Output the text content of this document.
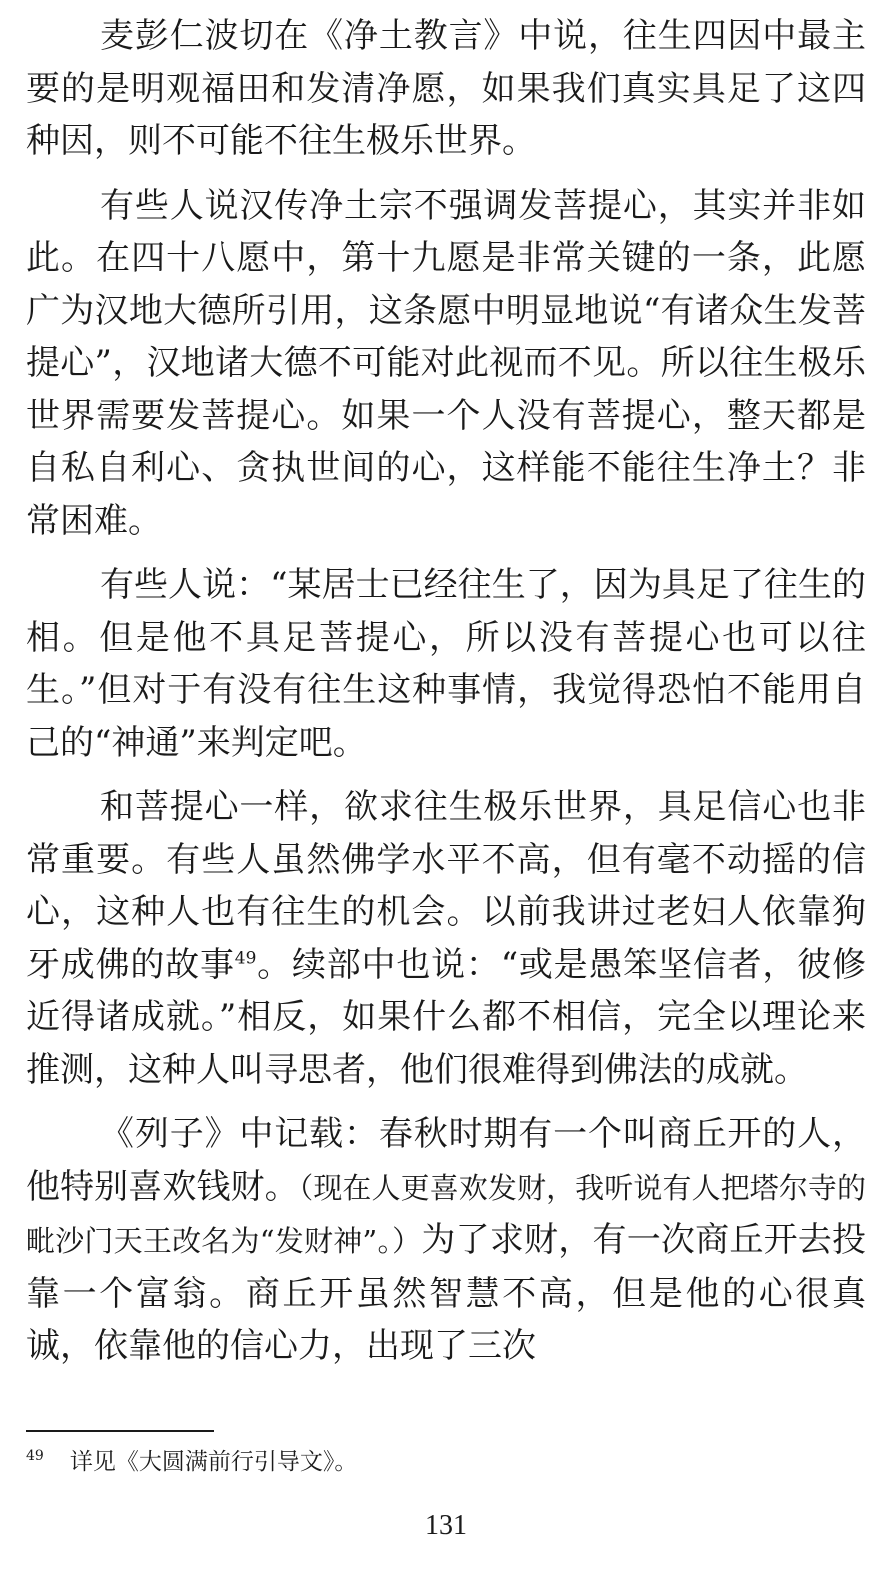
麦彭仁波切在《净土教言》中说，往生四因中最主要的是明观福田和发清净愿，如果我们真实具足了这四种因，则不可能不往生极乐世界。

有些人说汉传净土宗不强调发菩提心，其实并非如此。在四十八愿中，第十九愿是非常关键的一条，此愿广为汉地大德所引用，这条愿中明显地说“有诸众生发菩提心”，汉地诸大德不可能对此视而不见。所以往生极乐世界需要发菩提心。如果一个人没有菩提心，整天都是自私自利心、贪执世间的心，这样能不能往生净土？非常困难。

有些人说：“某居士已经往生了，因为具足了往生的相。但是他不具足菩提心，所以没有菩提心也可以往生。”但对于有没有往生这种事情，我觉得恐怕不能用自己的“神通”来判定吧。

和菩提心一样，欲求往生极乐世界，具足信心也非常重要。有些人虽然佛学水平不高，但有毫不动摇的信心，这种人也有往生的机会。以前我讲过老妇人依靠狗牙成佛的故事$^{49}$。续部中也说：“或是愚笨坚信者，彼修近得诸成就。”相反，如果什么都不相信，完全以理论来推测，这种人叫寻思者，他们很难得到佛法的成就。

《列子》中记载：春秋时期有一个叫商丘开的人，他特别喜欢钱财。（现在人更喜欢发财，我听说有人把塔尔寺的毗沙门天王改名为“发财神”。）为了求财，有一次商丘开去投靠一个富翁。商丘开虽然智慧不高，但是他的心很真诚，依靠他的信心力，出现了三次

$^{49}$ 详见《大圆满前行引导文》。
131
